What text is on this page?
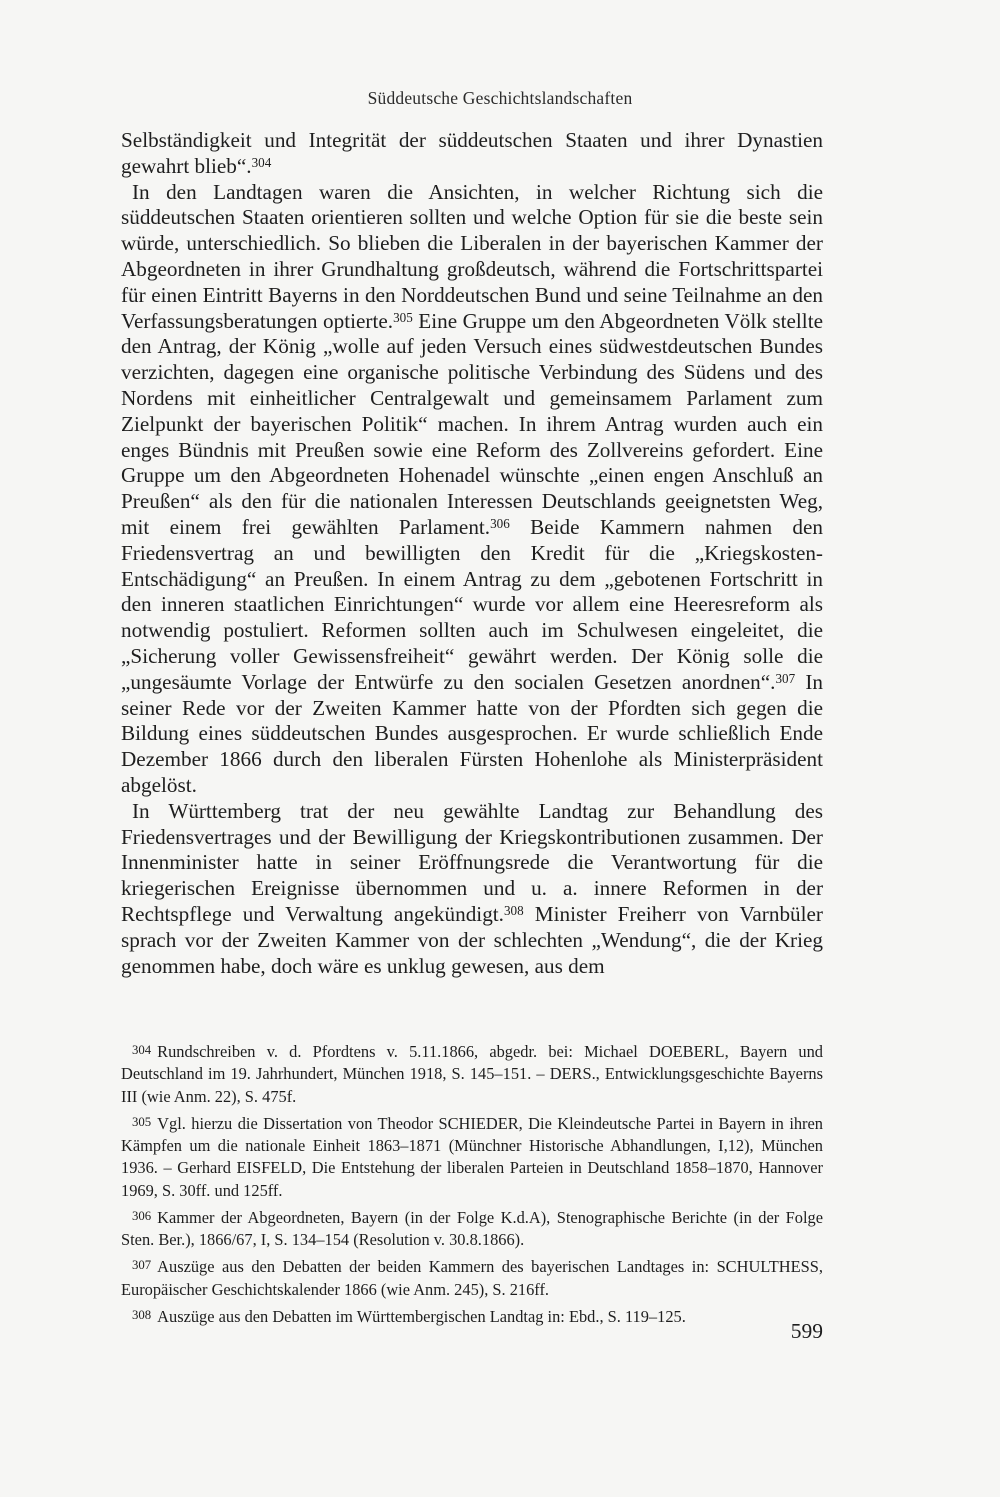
Süddeutsche Geschichtslandschaften

Selbständigkeit und Integrität der süddeutschen Staaten und ihrer Dynastien gewahrt blieb“.$^{304}$

In den Landtagen waren die Ansichten, in welcher Richtung sich die süddeutschen Staaten orientieren sollten und welche Option für sie die beste sein würde, unterschiedlich. So blieben die Liberalen in der bayerischen Kammer der Abgeordneten in ihrer Grundhaltung großdeutsch, während die Fortschrittspartei für einen Eintritt Bayerns in den Norddeutschen Bund und seine Teilnahme an den Verfassungsberatungen optierte.$^{305}$ Eine Gruppe um den Abgeordneten Völk stellte den Antrag, der König „wolle auf jeden Versuch eines südwestdeutschen Bundes verzichten, dagegen eine organische politische Verbindung des Südens und des Nordens mit einheitlicher Centralgewalt und gemeinsamem Parlament zum Zielpunkt der bayerischen Politik“ machen. In ihrem Antrag wurden auch ein enges Bündnis mit Preußen sowie eine Reform des Zollvereins gefordert. Eine Gruppe um den Abgeordneten Hohenadel wünschte „einen engen Anschluß an Preußen“ als den für die nationalen Interessen Deutschlands geeignetsten Weg, mit einem frei gewählten Parlament.$^{306}$ Beide Kammern nahmen den Friedensvertrag an und bewilligten den Kredit für die „Kriegskosten-Entschädigung“ an Preußen. In einem Antrag zu dem „gebotenen Fortschritt in den inneren staatlichen Einrichtungen“ wurde vor allem eine Heeresreform als notwendig postuliert. Reformen sollten auch im Schulwesen eingeleitet, die „Sicherung voller Gewissensfreiheit“ gewährt werden. Der König solle die „ungesäumte Vorlage der Entwürfe zu den socialen Gesetzen anordnen“.$^{307}$ In seiner Rede vor der Zweiten Kammer hatte von der Pfordten sich gegen die Bildung eines süddeutschen Bundes ausgesprochen. Er wurde schließlich Ende Dezember 1866 durch den liberalen Fürsten Hohenlohe als Ministerpräsident abgelöst.

In Württemberg trat der neu gewählte Landtag zur Behandlung des Friedensvertrages und der Bewilligung der Kriegskontributionen zusammen. Der Innenminister hatte in seiner Eröffnungsrede die Verantwortung für die kriegerischen Ereignisse übernommen und u. a. innere Reformen in der Rechtspflege und Verwaltung angekündigt.$^{308}$ Minister Freiherr von Varnbüler sprach vor der Zweiten Kammer von der schlechten „Wendung“, die der Krieg genommen habe, doch wäre es unklug gewesen, aus dem

304 Rundschreiben v. d. Pfordtens v. 5.11.1866, abgedr. bei: Michael DOEBERL, Bayern und Deutschland im 19. Jahrhundert, München 1918, S. 145–151. – DERS., Entwicklungsgeschichte Bayerns III (wie Anm. 22), S. 475f.

305 Vgl. hierzu die Dissertation von Theodor SCHIEDER, Die Kleindeutsche Partei in Bayern in ihren Kämpfen um die nationale Einheit 1863–1871 (Münchner Historische Abhandlungen, I,12), München 1936. – Gerhard EISFELD, Die Entstehung der liberalen Parteien in Deutschland 1858–1870, Hannover 1969, S. 30ff. und 125ff.

306 Kammer der Abgeordneten, Bayern (in der Folge K.d.A), Stenographische Berichte (in der Folge Sten. Ber.), 1866/67, I, S. 134–154 (Resolution v. 30.8.1866).

307 Auszüge aus den Debatten der beiden Kammern des bayerischen Landtages in: SCHULTHESS, Europäischer Geschichtskalender 1866 (wie Anm. 245), S. 216ff.

308 Auszüge aus den Debatten im Württembergischen Landtag in: Ebd., S. 119–125.

599
